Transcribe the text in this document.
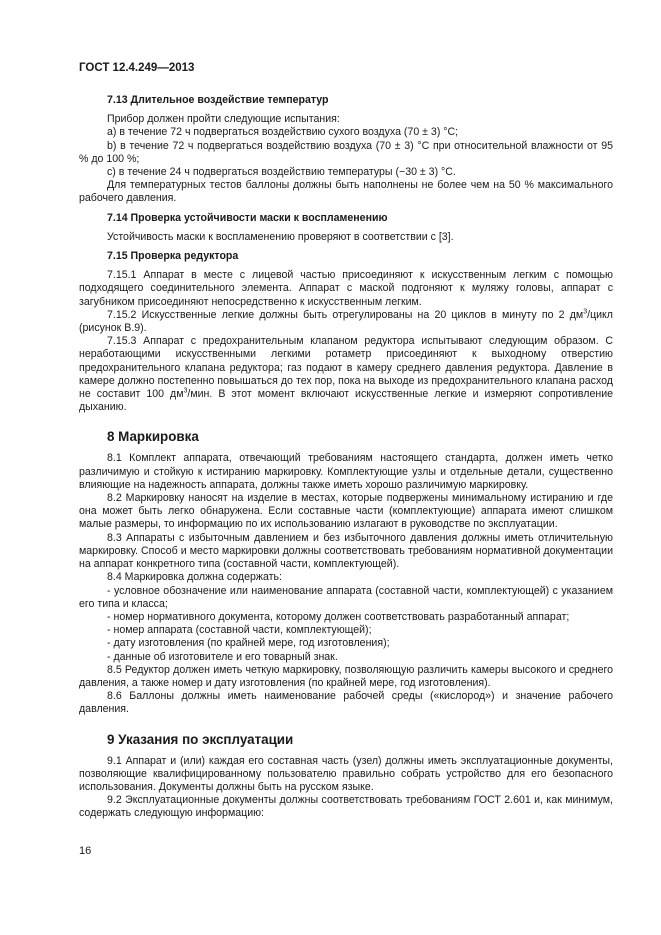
ГОСТ 12.4.249—2013

7.13 Длительное воздействие температур

Прибор должен пройти следующие испытания:

a) в течение 72 ч подвергаться воздействию сухого воздуха (70 ± 3) °С;

b) в течение 72 ч подвергаться воздействию воздуха (70 ± 3) °С при относительной влажности от 95 % до 100 %;

c) в течение 24 ч подвергаться воздействию температуры (−30 ± 3) °С.

Для температурных тестов баллоны должны быть наполнены не более чем на 50 % максимального рабочего давления.

7.14 Проверка устойчивости маски к воспламенению

Устойчивость маски к воспламенению проверяют в соответствии с [3].

7.15 Проверка редуктора

7.15.1 Аппарат в месте с лицевой частью присоединяют к искусственным легким с помощью подходящего соединительного элемента. Аппарат с маской подгоняют к муляжу головы, аппарат с загубником присоединяют непосредственно к искусственным легким.

7.15.2 Искусственные легкие должны быть отрегулированы на 20 циклов в минуту по 2 $дм^3$/цикл (рисунок В.9).

7.15.3 Аппарат с предохранительным клапаном редуктора испытывают следующим образом. С неработающими искусственными легкими ротаметр присоединяют к выходному отверстию предохранительного клапана редуктора; газ подают в камеру среднего давления редуктора. Давление в камере должно постепенно повышаться до тех пор, пока на выходе из предохранительного клапана расход не составит 100 $дм^3$/мин. В этот момент включают искусственные легкие и измеряют сопротивление дыханию.

8 Маркировка

8.1 Комплект аппарата, отвечающий требованиям настоящего стандарта, должен иметь четко различимую и стойкую к истиранию маркировку. Комплектующие узлы и отдельные детали, существенно влияющие на надежность аппарата, должны также иметь хорошо различимую маркировку.

8.2 Маркировку наносят на изделие в местах, которые подвержены минимальному истиранию и где она может быть легко обнаружена. Если составные части (комплектующие) аппарата имеют слишком малые размеры, то информацию по их использованию излагают в руководстве по эксплуатации.

8.3 Аппараты с избыточным давлением и без избыточного давления должны иметь отличительную маркировку. Способ и место маркировки должны соответствовать требованиям нормативной документации на аппарат конкретного типа (составной части, комплектующей).

8.4 Маркировка должна содержать:

- условное обозначение или наименование аппарата (составной части, комплектующей) с указанием его типа и класса;

- номер нормативного документа, которому должен соответствовать разработанный аппарат;

- номер аппарата (составной части, комплектующей);

- дату изготовления (по крайней мере, год изготовления);

- данные об изготовителе и его товарный знак.

8.5 Редуктор должен иметь четкую маркировку, позволяющую различить камеры высокого и среднего давления, а также номер и дату изготовления (по крайней мере, год изготовления).

8.6 Баллоны должны иметь наименование рабочей среды («кислород») и значение рабочего давления.

9 Указания по эксплуатации

9.1 Аппарат и (или) каждая его составная часть (узел) должны иметь эксплуатационные документы, позволяющие квалифицированному пользователю правильно собрать устройство для его безопасного использования. Документы должны быть на русском языке.

9.2 Эксплуатационные документы должны соответствовать требованиям ГОСТ 2.601 и, как минимум, содержать следующую информацию:

16
